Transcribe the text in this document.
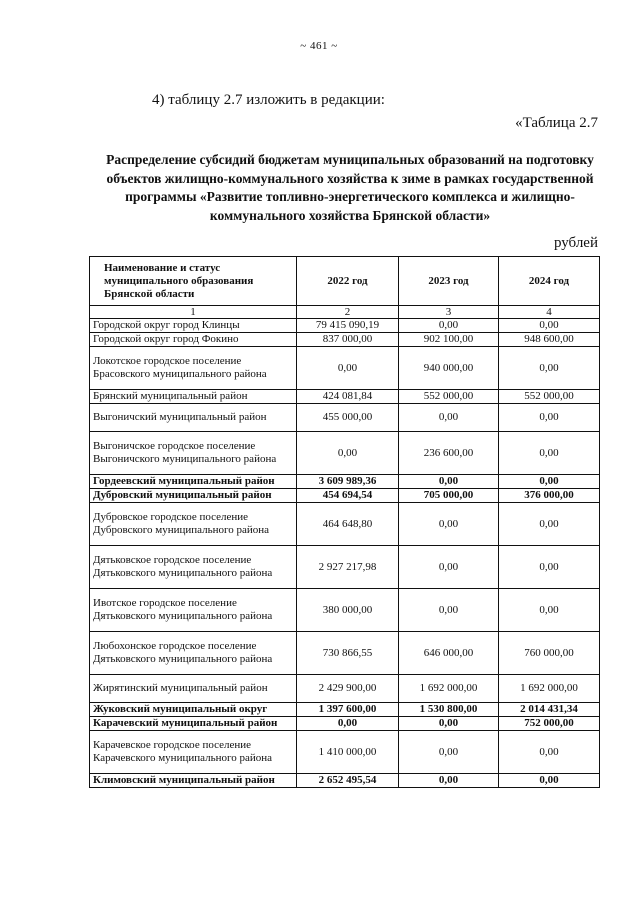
~ 461 ~
4) таблицу 2.7 изложить в редакции:
«Таблица 2.7
Распределение субсидий бюджетам муниципальных образований на подготовку объектов жилищно-коммунального хозяйства к зиме в рамках государственной программы «Развитие топливно-энергетического комплекса и жилищно-коммунального хозяйства Брянской области»
рублей
Наименование и статус муниципального образования Брянской области	2022 год	2023 год	2024 год
1	2	3	4
Городской округ город Клинцы	79 415 090,19	0,00	0,00
Городской округ город Фокино	837 000,00	902 100,00	948 600,00
Локотское городское поселение Брасовского муниципального района	0,00	940 000,00	0,00
Брянский муниципальный район	424 081,84	552 000,00	552 000,00
Выгоничский муниципальный район	455 000,00	0,00	0,00
Выгоничское городское поселение Выгоничского муниципального района	0,00	236 600,00	0,00
Гордеевский муниципальный район	3 609 989,36	0,00	0,00
Дубровский муниципальный район	454 694,54	705 000,00	376 000,00
Дубровское городское поселение Дубровского муниципального района	464 648,80	0,00	0,00
Дятьковское городское поселение Дятьковского муниципального района	2 927 217,98	0,00	0,00
Ивотское городское поселение Дятьковского муниципального района	380 000,00	0,00	0,00
Любохонское городское поселение Дятьковского муниципального района	730 866,55	646 000,00	760 000,00
Жирятинский муниципальный район	2 429 900,00	1 692 000,00	1 692 000,00
Жуковский муниципальный округ	1 397 600,00	1 530 800,00	2 014 431,34
Карачевский муниципальный район	0,00	0,00	752 000,00
Карачевское городское поселение Карачевского муниципального района	1 410 000,00	0,00	0,00
Климовский муниципальный район	2 652 495,54	0,00	0,00
